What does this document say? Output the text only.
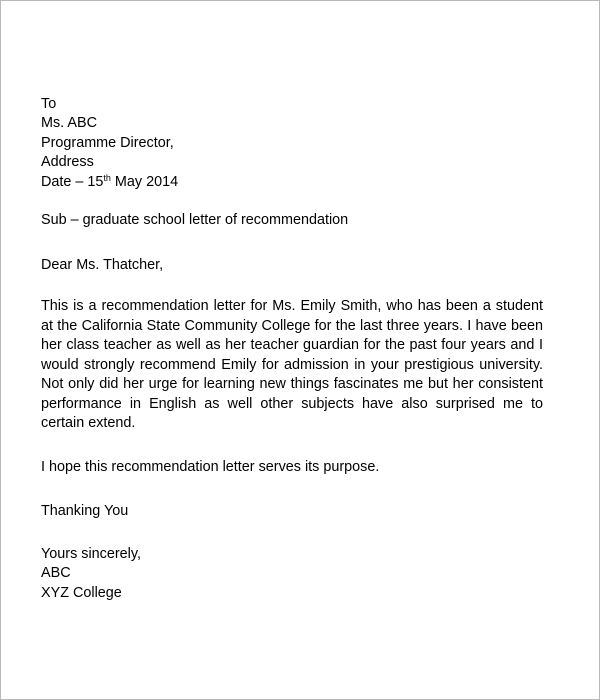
To

Ms. ABC

Programme Director,

Address

Date – 15th May 2014

Sub – graduate school letter of recommendation

Dear Ms. Thatcher,

This is a recommendation letter for Ms. Emily Smith, who has been a student at the California State Community College for the last three years. I have been her class teacher as well as her teacher guardian for the past four years and I would strongly recommend Emily for admission in your prestigious university. Not only did her urge for learning new things fascinates me but her consistent performance in English as well other subjects have also surprised me to certain extend.

I hope this recommendation letter serves its purpose.

Thanking You

Yours sincerely,

ABC

XYZ College
